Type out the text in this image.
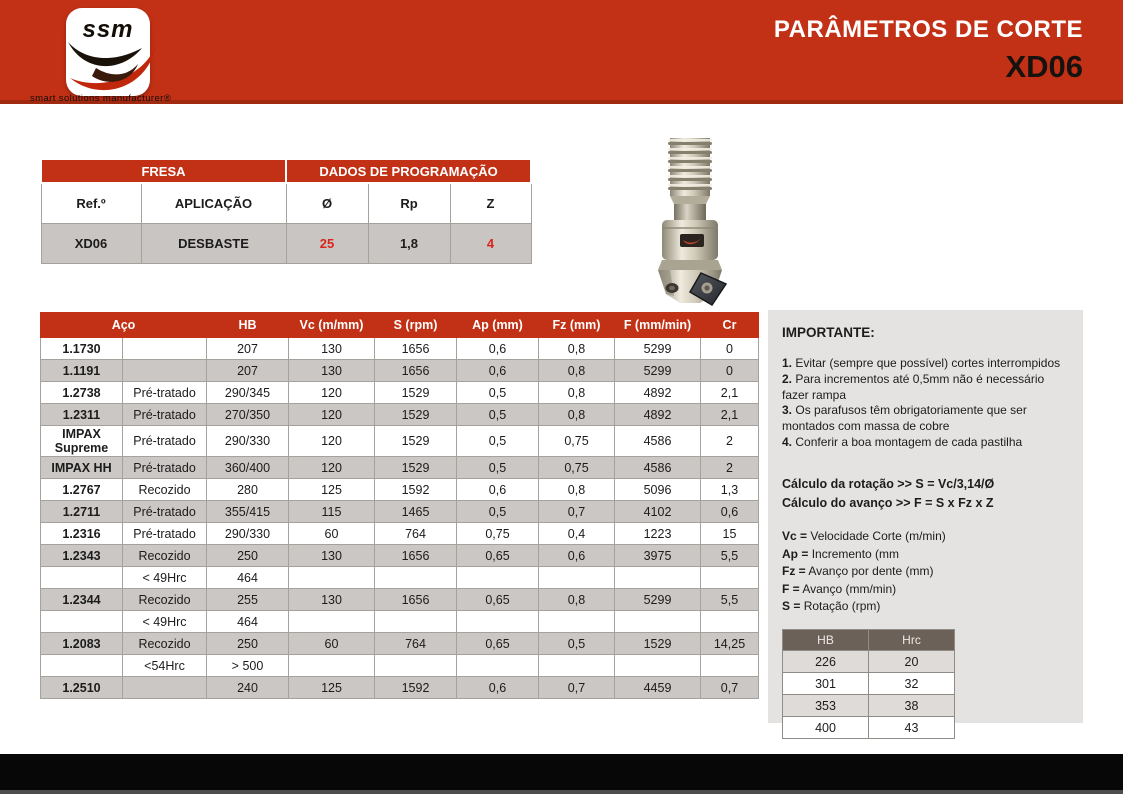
ssm
smart solutions manufacturer®
PARÂMETROS DE CORTE
XD06
FRESA		DADOS DE PROGRAMAÇÃO		
Ref.º	APLICAÇÃO	Ø	Rp	Z
XD06	DESBASTE	25	1,8	4
Aço		HB	Vc (m/mm)	S (rpm)	Ap (mm)	Fz (mm)	F (mm/min)	Cr
1.1730		207	130	1656	0,6	0,8	5299	0
1.1191		207	130	1656	0,6	0,8	5299	0
1.2738	Pré-tratado	290/345	120	1529	0,5	0,8	4892	2,1
1.2311	Pré-tratado	270/350	120	1529	0,5	0,8	4892	2,1
IMPAX Supreme	Pré-tratado	290/330	120	1529	0,5	0,75	4586	2
IMPAX HH	Pré-tratado	360/400	120	1529	0,5	0,75	4586	2
1.2767	Recozido	280	125	1592	0,6	0,8	5096	1,3
1.2711	Pré-tratado	355/415	115	1465	0,5	0,7	4102	0,6
1.2316	Pré-tratado	290/330	60	764	0,75	0,4	1223	15
1.2343	Recozido	250	130	1656	0,65	0,6	3975	5,5
	< 49Hrc	464						
1.2344	Recozido	255	130	1656	0,65	0,8	5299	5,5
	< 49Hrc	464						
1.2083	Recozido	250	60	764	0,65	0,5	1529	14,25
	<54Hrc	> 500						
1.2510		240	125	1592	0,6	0,7	4459	0,7
IMPORTANTE:
1. Evitar (sempre que possível) cortes interrompidos
2. Para incrementos até 0,5mm não é necessário fazer rampa
3. Os parafusos têm obrigatoriamente que ser montados com massa de cobre
4. Conferir a boa montagem de cada pastilha
Cálculo da rotação >> S = Vc/3,14/Ø
Cálculo do avanço >> F = S x Fz x Z
Vc = Velocidade Corte (m/min)
Ap = Incremento (mm
Fz = Avanço por dente (mm)
F = Avanço (mm/min)
S = Rotação (rpm)
HB	Hrc
226	20
301	32
353	38
400	43
